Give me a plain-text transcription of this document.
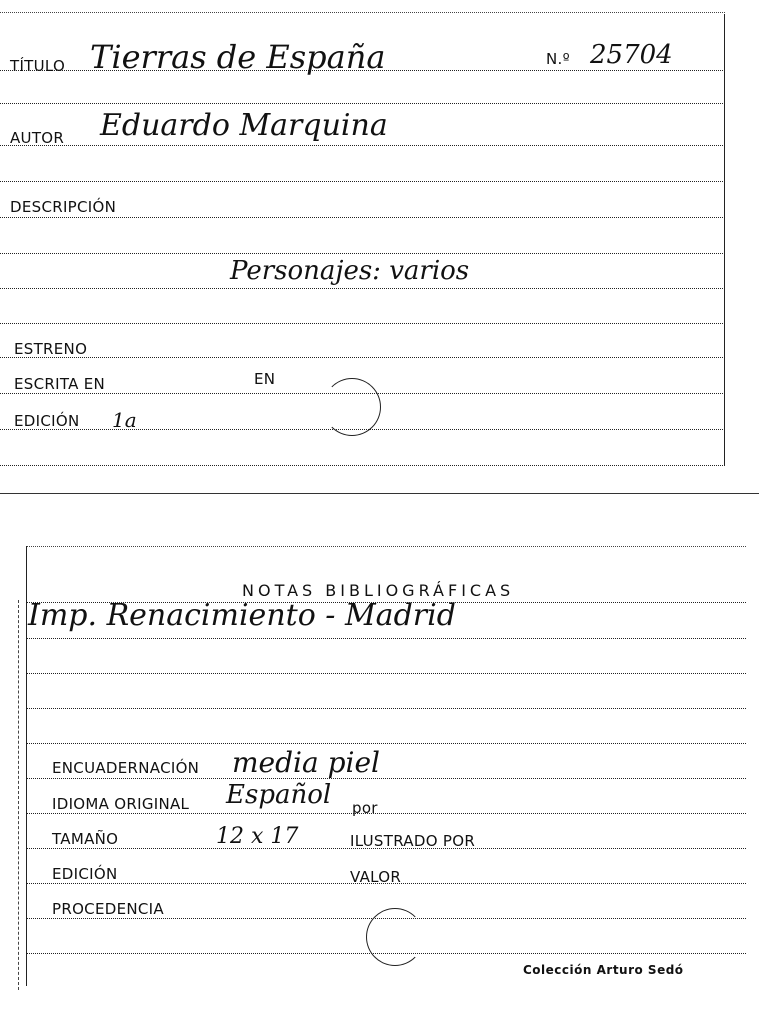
TÍTULO Tierras de España	N.º 25704
AUTOR Eduardo Marquina
DESCRIPCIÓN
Personajes: varios
ESTRENO
ESCRITA EN	EN
EDICIÓN 1a
NOTAS BIBLIOGRÁFICAS
Imp. Renacimiento - Madrid
ENCUADERNACIÓN media piel
IDIOMA ORIGINAL Español por
TAMAÑO	12 x 17	ILUSTRADO POR
EDICIÓN	VALOR
PROCEDENCIA
Colección Arturo Sedó
